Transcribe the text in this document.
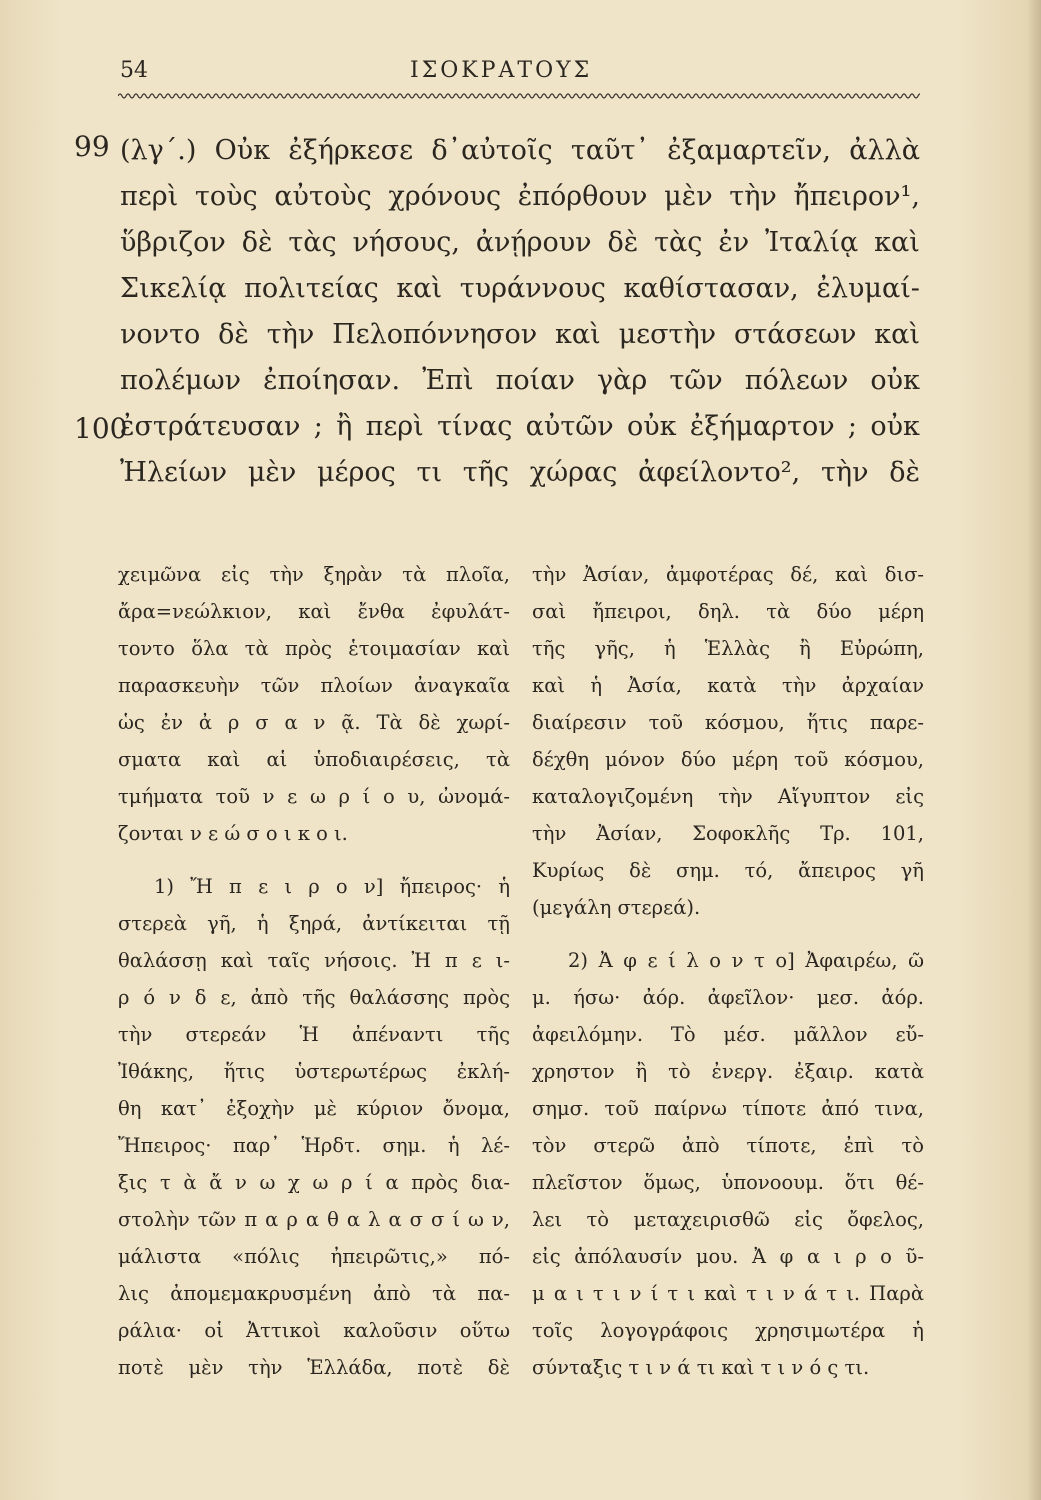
54	ΙΣΟΚΡΑΤΟΥΣ
99
100
(λγ΄.) Οὐκ ἐξήρκεσε δ᾽αὐτοῖς ταῦτ᾽ ἐξαμαρτεῖν, ἀλλὰ
περὶ τοὺς αὐτοὺς χρόνους ἐπόρθουν μὲν τὴν ἤπειρον¹,
ὕβριζον δὲ τὰς νήσους, ἀνῄρουν δὲ τὰς ἐν Ἰταλίᾳ καὶ
Σικελίᾳ πολιτείας καὶ τυράννους καθίστασαν, ἐλυμαί-
νοντο δὲ τὴν Πελοπόννησον καὶ μεστὴν στάσεων καὶ
πολέμων ἐποίησαν. Ἐπὶ ποίαν γὰρ τῶν πόλεων οὐκ
ἐστράτευσαν ; ἢ περὶ τίνας αὐτῶν οὐκ ἐξήμαρτον ; οὐκ
Ἠλείων μὲν μέρος τι τῆς χώρας ἀφείλοντο², τὴν δὲ
χειμῶνα εἰς τὴν ξηρὰν τὰ πλοῖα,
ἄρα=νεώλκιον, καὶ ἔνθα ἐφυλάτ-
τοντο ὅλα τὰ πρὸς ἑτοιμασίαν καὶ
παρασκευὴν τῶν πλοίων ἀναγκαῖα
ὡς ἐν ἀ ρ σ α ν ᾷ. Τὰ δὲ χωρί-
σματα καὶ αἱ ὑποδιαιρέσεις, τὰ
τμήματα τοῦ ν ε ω ρ ί ο υ, ὠνομά-
ζονται ν ε ώ σ ο ι κ ο ι.
1) Ἤ π ε ι ρ ο ν] ἤπειρος· ἡ
στερεὰ γῆ, ἡ ξηρά, ἀντίκειται τῇ
θαλάσσῃ καὶ ταῖς νήσοις. Ἠ π ε ι-
ρ ό ν δ ε, ἀπὸ τῆς θαλάσσης πρὸς
τὴν στερεάν Ἡ ἀπέναντι τῆς
Ἰθάκης, ἥτις ὑστερωτέρως ἐκλή-
θη κατ᾽ ἐξοχὴν μὲ κύριον ὄνομα,
Ἤπειρος· παρ᾽ Ἡρδτ. σημ. ἡ λέ-
ξις τ ὰ ἄ ν ω χ ω ρ ί α πρὸς δια-
στολὴν τῶν π α ρ α θ α λ α σ σ ί ω ν,
μάλιστα «πόλις ἠπειρῶτις,» πό-
λις ἀπομεμακρυσμένη ἀπὸ τὰ πα-
ράλια· οἱ Ἀττικοὶ καλοῦσιν οὕτω
ποτὲ μὲν τὴν Ἑλλάδα, ποτὲ δὲ
τὴν Ἀσίαν, ἀμφοτέρας δέ, καὶ δισ-
σαὶ ἤπειροι, δηλ. τὰ δύο μέρη
τῆς γῆς, ἡ Ἑλλὰς ἢ Εὐρώπη,
καὶ ἡ Ἀσία, κατὰ τὴν ἀρχαίαν
διαίρεσιν τοῦ κόσμου, ἥτις παρε-
δέχθη μόνον δύο μέρη τοῦ κόσμου,
καταλογιζομένη τὴν Αἴγυπτον εἰς
τὴν Ἀσίαν, Σοφοκλῆς Τρ. 101,
Κυρίως δὲ σημ. τό, ἄπειρος γῆ
(μεγάλη στερεά).
2) Ἀ φ ε ί λ ο ν τ ο] Ἀφαιρέω, ῶ
μ. ήσω· ἀόρ. ἀφεῖλον· μεσ. ἀόρ.
ἀφειλόμην. Τὸ μέσ. μᾶλλον εὔ-
χρηστον ἢ τὸ ἐνεργ. ἐξαιρ. κατὰ
σημσ. τοῦ παίρνω τίποτε ἀπό τινα,
τὸν στερῶ ἀπὸ τίποτε, ἐπὶ τὸ
πλεῖστον ὅμως, ὑπονοουμ. ὅτι θέ-
λει τὸ μεταχειρισθῶ εἰς ὄφελος,
εἰς ἀπόλαυσίν μου. Ἀ φ α ι ρ ο ῦ-
μ α ι τ ι ν ί τ ι καὶ τ ι ν ά τ ι. Παρὰ
τοῖς λογογράφοις χρησιμωτέρα ἡ
σύνταξις τ ι ν ά τι καὶ τ ι ν ό ς τι.
